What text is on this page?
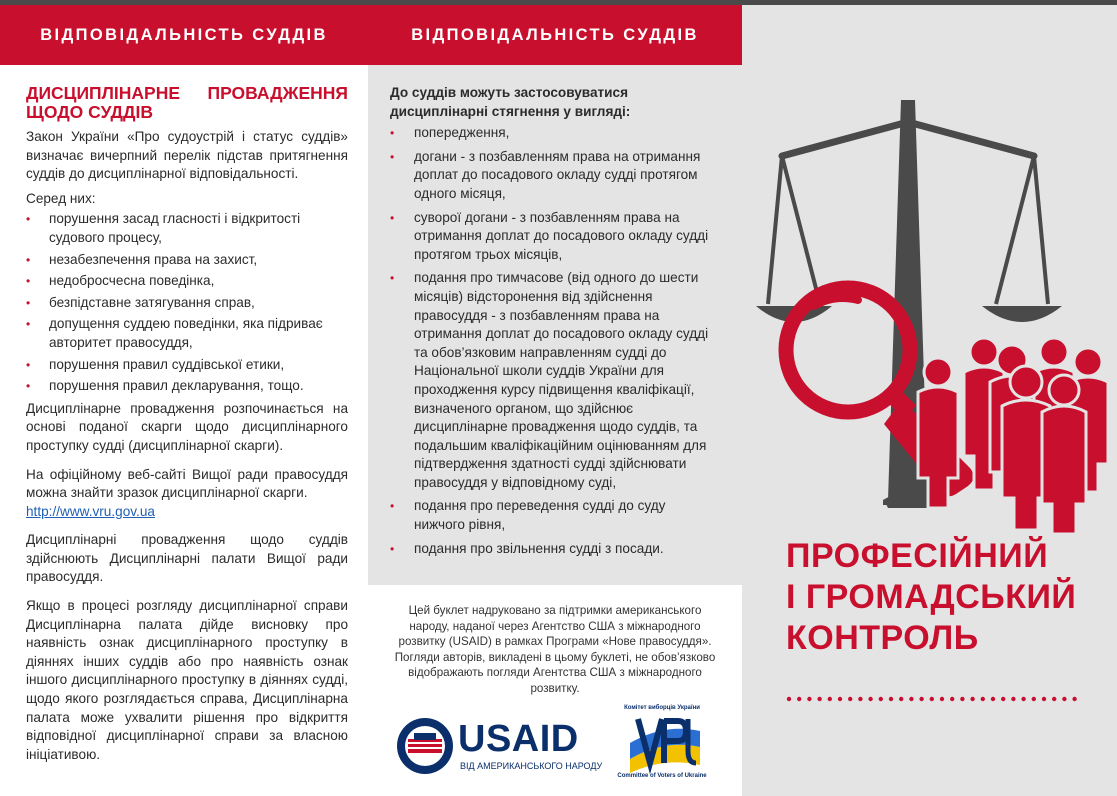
ВІДПОВІДАЛЬНІСТЬ СУДДІВ	ВІДПОВІДАЛЬНІСТЬ СУДДІВ
ДИСЦИПЛІНАРНЕ ПРОВАДЖЕННЯ
ЩОДО СУДДІВ

Закон України «Про судоустрій і статус суддів» визначає вичерпний перелік підстав притягнення суддів до дисциплінарної відповідальності.

Серед них:

• порушення засад гласності і відкритості судового процесу,
• незабезпечення права на захист,
• недобросчесна поведінка,
• безпідставне затягування справ,
• допущення суддею поведінки, яка підриває авторитет правосуддя,
• порушення правил суддівської етики,
• порушення правил декларування, тощо.

Дисциплінарне провадження розпочинається на основі поданої скарги щодо дисциплінарного проступку судді (дисциплінарної скарги).

На офіційному веб-сайті Вищої ради правосуддя можна знайти зразок дисциплінарної скарги.
http://www.vru.gov.ua

Дисциплінарні провадження щодо суддів здійснюють Дисциплінарні палати Вищої ради правосуддя.

Якщо в процесі розгляду дисциплінарної справи Дисциплінарна палата дійде висновку про наявність ознак дисциплінарного проступку в діяннях інших суддів або про наявність ознак іншого дисциплінарного проступку в діяннях судді, щодо якого розглядається справа, Дисциплінарна палата може ухвалити рішення про відкриття відповідної дисциплінарної справи за власною ініціативою.

До суддів можуть застосовуватися дисциплінарні стягнення у вигляді:

• попередження,
• догани - з позбавленням права на отримання доплат до посадового окладу судді протягом одного місяця,
• суворої догани - з позбавленням права на отримання доплат до посадового окладу судді протягом трьох місяців,
• подання про тимчасове (від одного до шести місяців) відсторонення від здійснення правосуддя - з позбавленням права на отримання доплат до посадового окладу судді та обов’язковим направленням судді до Національної школи суддів України для проходження курсу підвищення кваліфікації, визначеного органом, що здійснює дисциплінарне провадження щодо суддів, та подальшим кваліфікаційним оцінюванням для підтвердження здатності судді здійснювати правосуддя у відповідному суді,
• подання про переведення судді до суду нижчого рівня,
• подання про звільнення судді з посади.
Цей буклет надруковано за підтримки американського народу, наданої через Агентство США з міжнародного розвитку (USAID) в рамках Програми «Нове правосуддя». Погляди авторів, викладені в цьому буклеті, не обов’язково відображають погляди Агентства США з міжнародного розвитку.
USAID
ВІД АМЕРИКАНСЬКОГО НАРОДУ
Комітет виборців України
Committee of Voters of Ukraine
ПРОФЕСІЙНИЙ
І ГРОМАДСЬКИЙ
КОНТРОЛЬ
